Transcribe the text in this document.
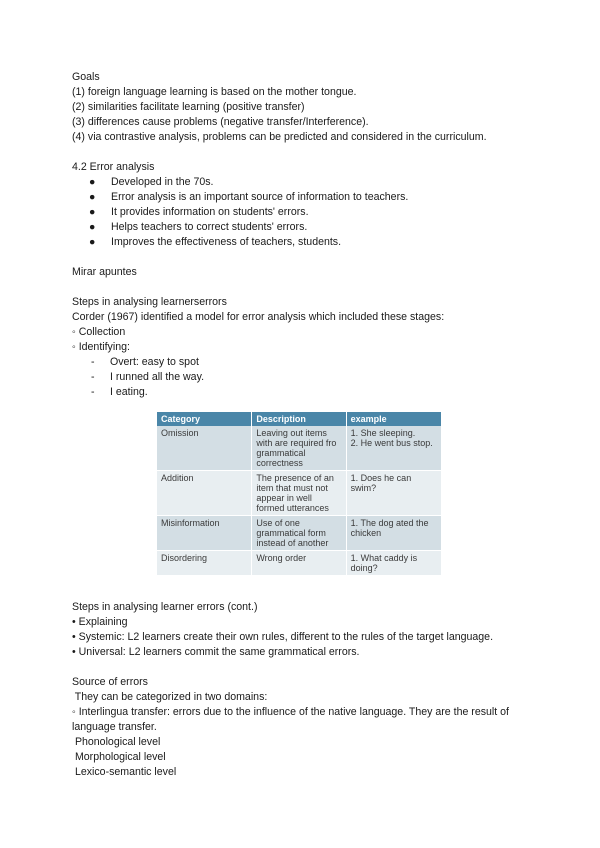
Goals
(1) foreign language learning is based on the mother tongue.
(2) similarities facilitate learning (positive transfer)
(3) differences cause problems (negative transfer/Interference).
(4) via contrastive analysis, problems can be predicted and considered in the curriculum.
4.2 Error analysis
● Developed in the 70s.
● Error analysis is an important source of information to teachers.
● It provides information on students' errors.
● Helps teachers to correct students' errors.
● Improves the effectiveness of teachers, students.
Mirar apuntes
Steps in analysing learnerserrors
Corder (1967) identified a model for error analysis which included these stages:
◦ Collection
◦ Identifying:
- Overt: easy to spot
- I runned all the way.
- I eating.
Category	Description	example
Omission	Leaving out items with are required fro grammatical correctness	1. She sleeping.
2. He went bus stop.

Addition	The presence of an item that must not appear in well formed utterances	1. Does he can swim?
Misinformation	Use of one grammatical form instead of another	1. The dog ated the chicken
Disordering	Wrong order	1. What caddy is doing?
Steps in analysing learner errors (cont.)
• Explaining
• Systemic: L2 learners create their own rules, different to the rules of the target language.
• Universal: L2 learners commit the same grammatical errors.
Source of errors
They can be categorized in two domains:
◦ Interlingua transfer: errors due to the influence of the native language. They are the result of language transfer.
Phonological level
Morphological level
Lexico-semantic level
